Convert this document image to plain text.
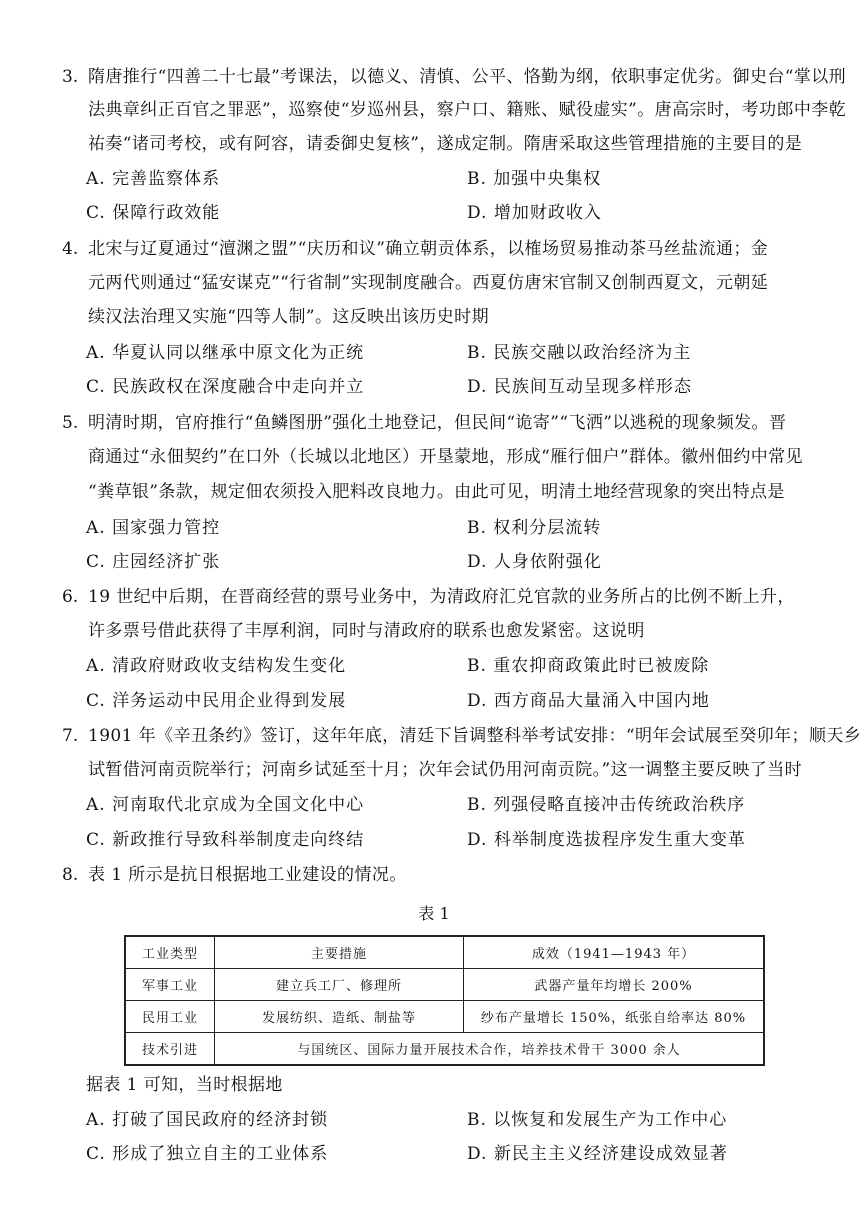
3. 隋唐推行“四善二十七最”考课法，以德义、清慎、公平、恪勤为纲，依职事定优劣。御史台“掌以刑
法典章纠正百官之罪恶”，巡察使“岁巡州县，察户口、籍账、赋役虚实”。唐高宗时，考功郎中李乾
祐奏“诸司考校，或有阿容，请委御史复核”，遂成定制。隋唐采取这些管理措施的主要目的是
A. 完善监察体系	B. 加强中央集权
C. 保障行政效能	D. 增加财政收入
4. 北宋与辽夏通过“澶渊之盟”“庆历和议”确立朝贡体系，以榷场贸易推动茶马丝盐流通；金
元两代则通过“猛安谋克”“行省制”实现制度融合。西夏仿唐宋官制又创制西夏文，元朝延
续汉法治理又实施“四等人制”。这反映出该历史时期
A. 华夏认同以继承中原文化为正统	B. 民族交融以政治经济为主
C. 民族政权在深度融合中走向并立	D. 民族间互动呈现多样形态
5. 明清时期，官府推行“鱼鳞图册”强化土地登记，但民间“诡寄”“飞洒”以逃税的现象频发。晋
商通过“永佃契约”在口外（长城以北地区）开垦蒙地，形成“雁行佃户”群体。徽州佃约中常见
“粪草银”条款，规定佃农须投入肥料改良地力。由此可见，明清土地经营现象的突出特点是
A. 国家强力管控	B. 权利分层流转
C. 庄园经济扩张	D. 人身依附强化
6. 19 世纪中后期，在晋商经营的票号业务中，为清政府汇兑官款的业务所占的比例不断上升，
许多票号借此获得了丰厚利润，同时与清政府的联系也愈发紧密。这说明
A. 清政府财政收支结构发生变化	B. 重农抑商政策此时已被废除
C. 洋务运动中民用企业得到发展	D. 西方商品大量涌入中国内地
7. 1901 年《辛丑条约》签订，这年年底，清廷下旨调整科举考试安排：“明年会试展至癸卯年；顺天乡
试暂借河南贡院举行；河南乡试延至十月；次年会试仍用河南贡院。”这一调整主要反映了当时
A. 河南取代北京成为全国文化中心	B. 列强侵略直接冲击传统政治秩序
C. 新政推行导致科举制度走向终结	D. 科举制度选拔程序发生重大变革
8. 表 1 所示是抗日根据地工业建设的情况。
表 1
工业类型	主要措施	成效（1941—1943 年）
军事工业	建立兵工厂、修理所	武器产量年均增长 200%
民用工业	发展纺织、造纸、制盐等	纱布产量增长 150%，纸张自给率达 80%
技术引进	与国统区、国际力量开展技术合作，培养技术骨干 3000 余人	
据表 1 可知，当时根据地
A. 打破了国民政府的经济封锁	B. 以恢复和发展生产为工作中心
C. 形成了独立自主的工业体系	D. 新民主主义经济建设成效显著
